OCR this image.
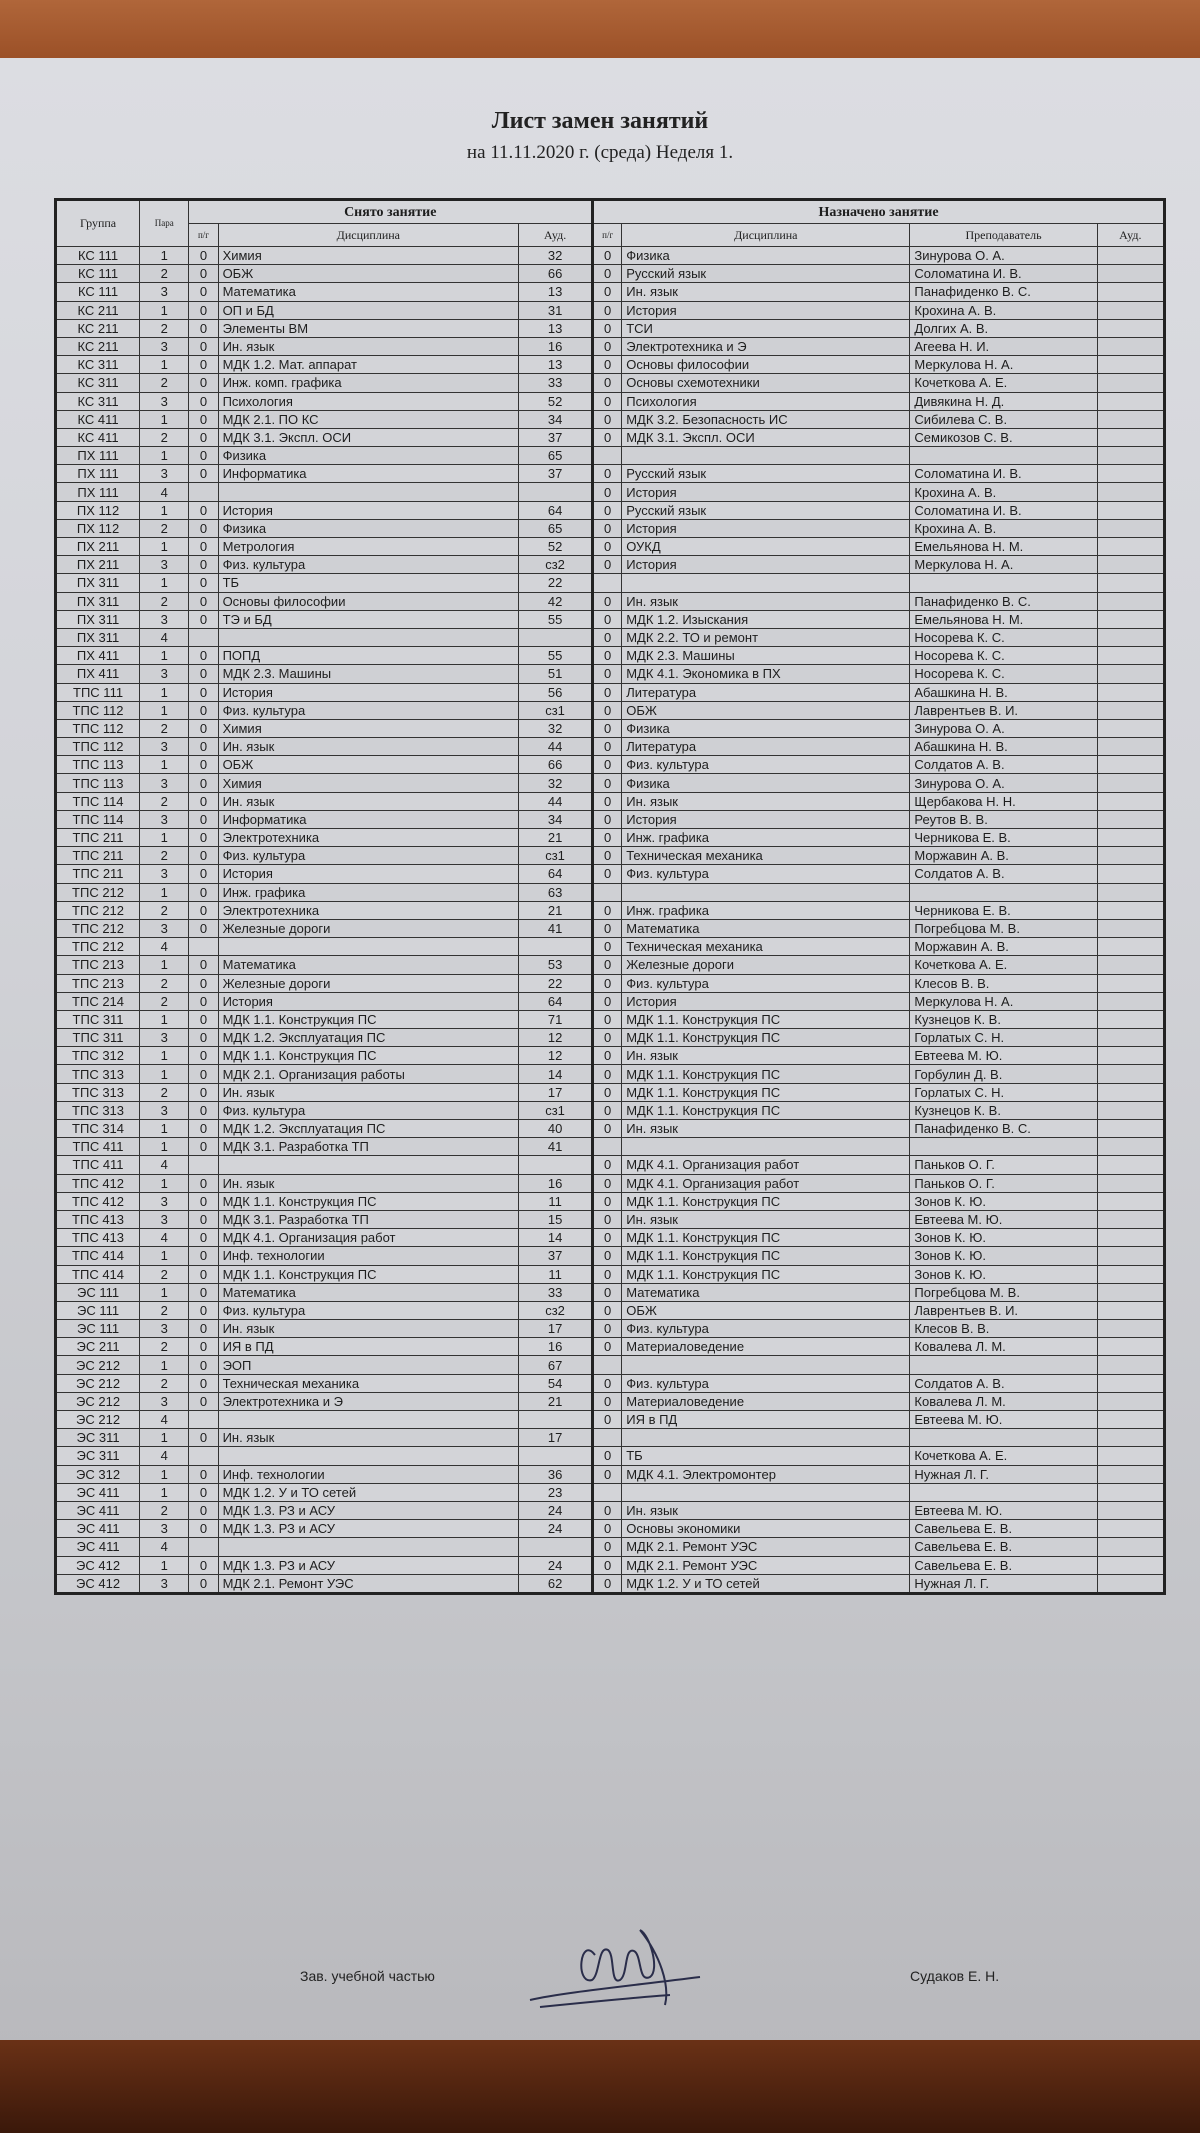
Лист замен занятий
на 11.11.2020 г. (среда) Неделя 1.
Группа	Пара	Снято занятие			Назначено занятие			
		п/г	Дисциплина	Ауд.	п/г	Дисциплина	Преподаватель	Ауд.
КС 111	1	0	Химия	32	0	Физика	Зинурова О. А.	
КС 111	2	0	ОБЖ	66	0	Русский язык	Соломатина И. В.	
КС 111	3	0	Математика	13	0	Ин. язык	Панафиденко В. С.	
КС 211	1	0	ОП и БД	31	0	История	Крохина А. В.	
КС 211	2	0	Элементы ВМ	13	0	ТСИ	Долгих А. В.	
КС 211	3	0	Ин. язык	16	0	Электротехника и Э	Агеева Н. И.	
КС 311	1	0	МДК 1.2. Мат. аппарат	13	0	Основы философии	Меркулова Н. А.	
КС 311	2	0	Инж. комп. графика	33	0	Основы схемотехники	Кочеткова А. Е.	
КС 311	3	0	Психология	52	0	Психология	Дивякина Н. Д.	
КС 411	1	0	МДК 2.1. ПО КС	34	0	МДК 3.2. Безопасность ИС	Сибилева С. В.	
КС 411	2	0	МДК 3.1. Экспл. ОСИ	37	0	МДК 3.1. Экспл. ОСИ	Семикозов С. В.	
ПХ 111	1	0	Физика	65				
ПХ 111	3	0	Информатика	37	0	Русский язык	Соломатина И. В.	
ПХ 111	4				0	История	Крохина А. В.	
ПХ 112	1	0	История	64	0	Русский язык	Соломатина И. В.	
ПХ 112	2	0	Физика	65	0	История	Крохина А. В.	
ПХ 211	1	0	Метрология	52	0	ОУКД	Емельянова Н. М.	
ПХ 211	3	0	Физ. культура	сз2	0	История	Меркулова Н. А.	
ПХ 311	1	0	ТБ	22				
ПХ 311	2	0	Основы философии	42	0	Ин. язык	Панафиденко В. С.	
ПХ 311	3	0	ТЭ и БД	55	0	МДК 1.2. Изыскания	Емельянова Н. М.	
ПХ 311	4				0	МДК 2.2. ТО и ремонт	Носорева К. С.	
ПХ 411	1	0	ПОПД	55	0	МДК 2.3. Машины	Носорева К. С.	
ПХ 411	3	0	МДК 2.3. Машины	51	0	МДК 4.1. Экономика в ПХ	Носорева К. С.	
ТПС 111	1	0	История	56	0	Литература	Абашкина Н. В.	
ТПС 112	1	0	Физ. культура	сз1	0	ОБЖ	Лаврентьев В. И.	
ТПС 112	2	0	Химия	32	0	Физика	Зинурова О. А.	
ТПС 112	3	0	Ин. язык	44	0	Литература	Абашкина Н. В.	
ТПС 113	1	0	ОБЖ	66	0	Физ. культура	Солдатов А. В.	
ТПС 113	3	0	Химия	32	0	Физика	Зинурова О. А.	
ТПС 114	2	0	Ин. язык	44	0	Ин. язык	Щербакова Н. Н.	
ТПС 114	3	0	Информатика	34	0	История	Реутов В. В.	
ТПС 211	1	0	Электротехника	21	0	Инж. графика	Черникова Е. В.	
ТПС 211	2	0	Физ. культура	сз1	0	Техническая механика	Моржавин А. В.	
ТПС 211	3	0	История	64	0	Физ. культура	Солдатов А. В.	
ТПС 212	1	0	Инж. графика	63				
ТПС 212	2	0	Электротехника	21	0	Инж. графика	Черникова Е. В.	
ТПС 212	3	0	Железные дороги	41	0	Математика	Погребцова М. В.	
ТПС 212	4				0	Техническая механика	Моржавин А. В.	
ТПС 213	1	0	Математика	53	0	Железные дороги	Кочеткова А. Е.	
ТПС 213	2	0	Железные дороги	22	0	Физ. культура	Клесов В. В.	
ТПС 214	2	0	История	64	0	История	Меркулова Н. А.	
ТПС 311	1	0	МДК 1.1. Конструкция ПС	71	0	МДК 1.1. Конструкция ПС	Кузнецов К. В.	
ТПС 311	3	0	МДК 1.2. Эксплуатация ПС	12	0	МДК 1.1. Конструкция ПС	Горлатых С. Н.	
ТПС 312	1	0	МДК 1.1. Конструкция ПС	12	0	Ин. язык	Евтеева М. Ю.	
ТПС 313	1	0	МДК 2.1. Организация работы	14	0	МДК 1.1. Конструкция ПС	Горбулин Д. В.	
ТПС 313	2	0	Ин. язык	17	0	МДК 1.1. Конструкция ПС	Горлатых С. Н.	
ТПС 313	3	0	Физ. культура	сз1	0	МДК 1.1. Конструкция ПС	Кузнецов К. В.	
ТПС 314	1	0	МДК 1.2. Эксплуатация ПС	40	0	Ин. язык	Панафиденко В. С.	
ТПС 411	1	0	МДК 3.1. Разработка ТП	41				
ТПС 411	4				0	МДК 4.1. Организация работ	Паньков О. Г.	
ТПС 412	1	0	Ин. язык	16	0	МДК 4.1. Организация работ	Паньков О. Г.	
ТПС 412	3	0	МДК 1.1. Конструкция ПС	11	0	МДК 1.1. Конструкция ПС	Зонов К. Ю.	
ТПС 413	3	0	МДК 3.1. Разработка ТП	15	0	Ин. язык	Евтеева М. Ю.	
ТПС 413	4	0	МДК 4.1. Организация работ	14	0	МДК 1.1. Конструкция ПС	Зонов К. Ю.	
ТПС 414	1	0	Инф. технологии	37	0	МДК 1.1. Конструкция ПС	Зонов К. Ю.	
ТПС 414	2	0	МДК 1.1. Конструкция ПС	11	0	МДК 1.1. Конструкция ПС	Зонов К. Ю.	
ЭС 111	1	0	Математика	33	0	Математика	Погребцова М. В.	
ЭС 111	2	0	Физ. культура	сз2	0	ОБЖ	Лаврентьев В. И.	
ЭС 111	3	0	Ин. язык	17	0	Физ. культура	Клесов В. В.	
ЭС 211	2	0	ИЯ в ПД	16	0	Материаловедение	Ковалева Л. М.	
ЭС 212	1	0	ЭОП	67				
ЭС 212	2	0	Техническая механика	54	0	Физ. культура	Солдатов А. В.	
ЭС 212	3	0	Электротехника и Э	21	0	Материаловедение	Ковалева Л. М.	
ЭС 212	4				0	ИЯ в ПД	Евтеева М. Ю.	
ЭС 311	1	0	Ин. язык	17				
ЭС 311	4				0	ТБ	Кочеткова А. Е.	
ЭС 312	1	0	Инф. технологии	36	0	МДК 4.1. Электромонтер	Нужная Л. Г.	
ЭС 411	1	0	МДК 1.2. У и ТО сетей	23				
ЭС 411	2	0	МДК 1.3. РЗ и АСУ	24	0	Ин. язык	Евтеева М. Ю.	
ЭС 411	3	0	МДК 1.3. РЗ и АСУ	24	0	Основы экономики	Савельева Е. В.	
ЭС 411	4				0	МДК 2.1. Ремонт УЭС	Савельева Е. В.	
ЭС 412	1	0	МДК 1.3. РЗ и АСУ	24	0	МДК 2.1. Ремонт УЭС	Савельева Е. В.	
ЭС 412	3	0	МДК 2.1. Ремонт УЭС	62	0	МДК 1.2. У и ТО сетей	Нужная Л. Г.	
Зав. учебной частью	Судаков Е. Н.
